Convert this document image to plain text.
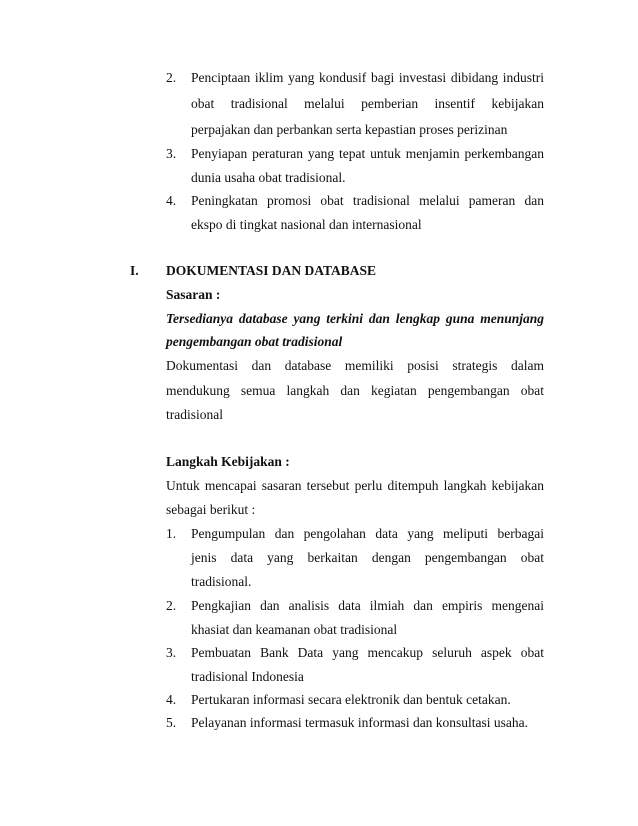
2. Penciptaan iklim yang kondusif bagi investasi dibidang industri
obat tradisional melalui pemberian insentif kebijakan
perpajakan dan perbankan serta kepastian proses perizinan
3. Penyiapan peraturan yang tepat untuk menjamin perkembangan
dunia usaha obat tradisional.
4. Peningkatan promosi obat tradisional melalui pameran dan
ekspo di tingkat nasional dan internasional
I. DOKUMENTASI DAN DATABASE
Sasaran :
Tersedianya database yang terkini dan lengkap guna menunjang
pengembangan obat tradisional
Dokumentasi dan database memiliki posisi strategis dalam
mendukung semua langkah dan kegiatan pengembangan obat
tradisional
Langkah Kebijakan :
Untuk mencapai sasaran tersebut perlu ditempuh langkah kebijakan
sebagai berikut :
1. Pengumpulan dan pengolahan data yang meliputi berbagai
jenis data yang berkaitan dengan pengembangan obat
tradisional.
2. Pengkajian dan analisis data ilmiah dan empiris mengenai
khasiat dan keamanan obat tradisional
3. Pembuatan Bank Data yang mencakup seluruh aspek obat
tradisional Indonesia
4. Pertukaran informasi secara elektronik dan bentuk cetakan.
5. Pelayanan informasi termasuk informasi dan konsultasi usaha.
